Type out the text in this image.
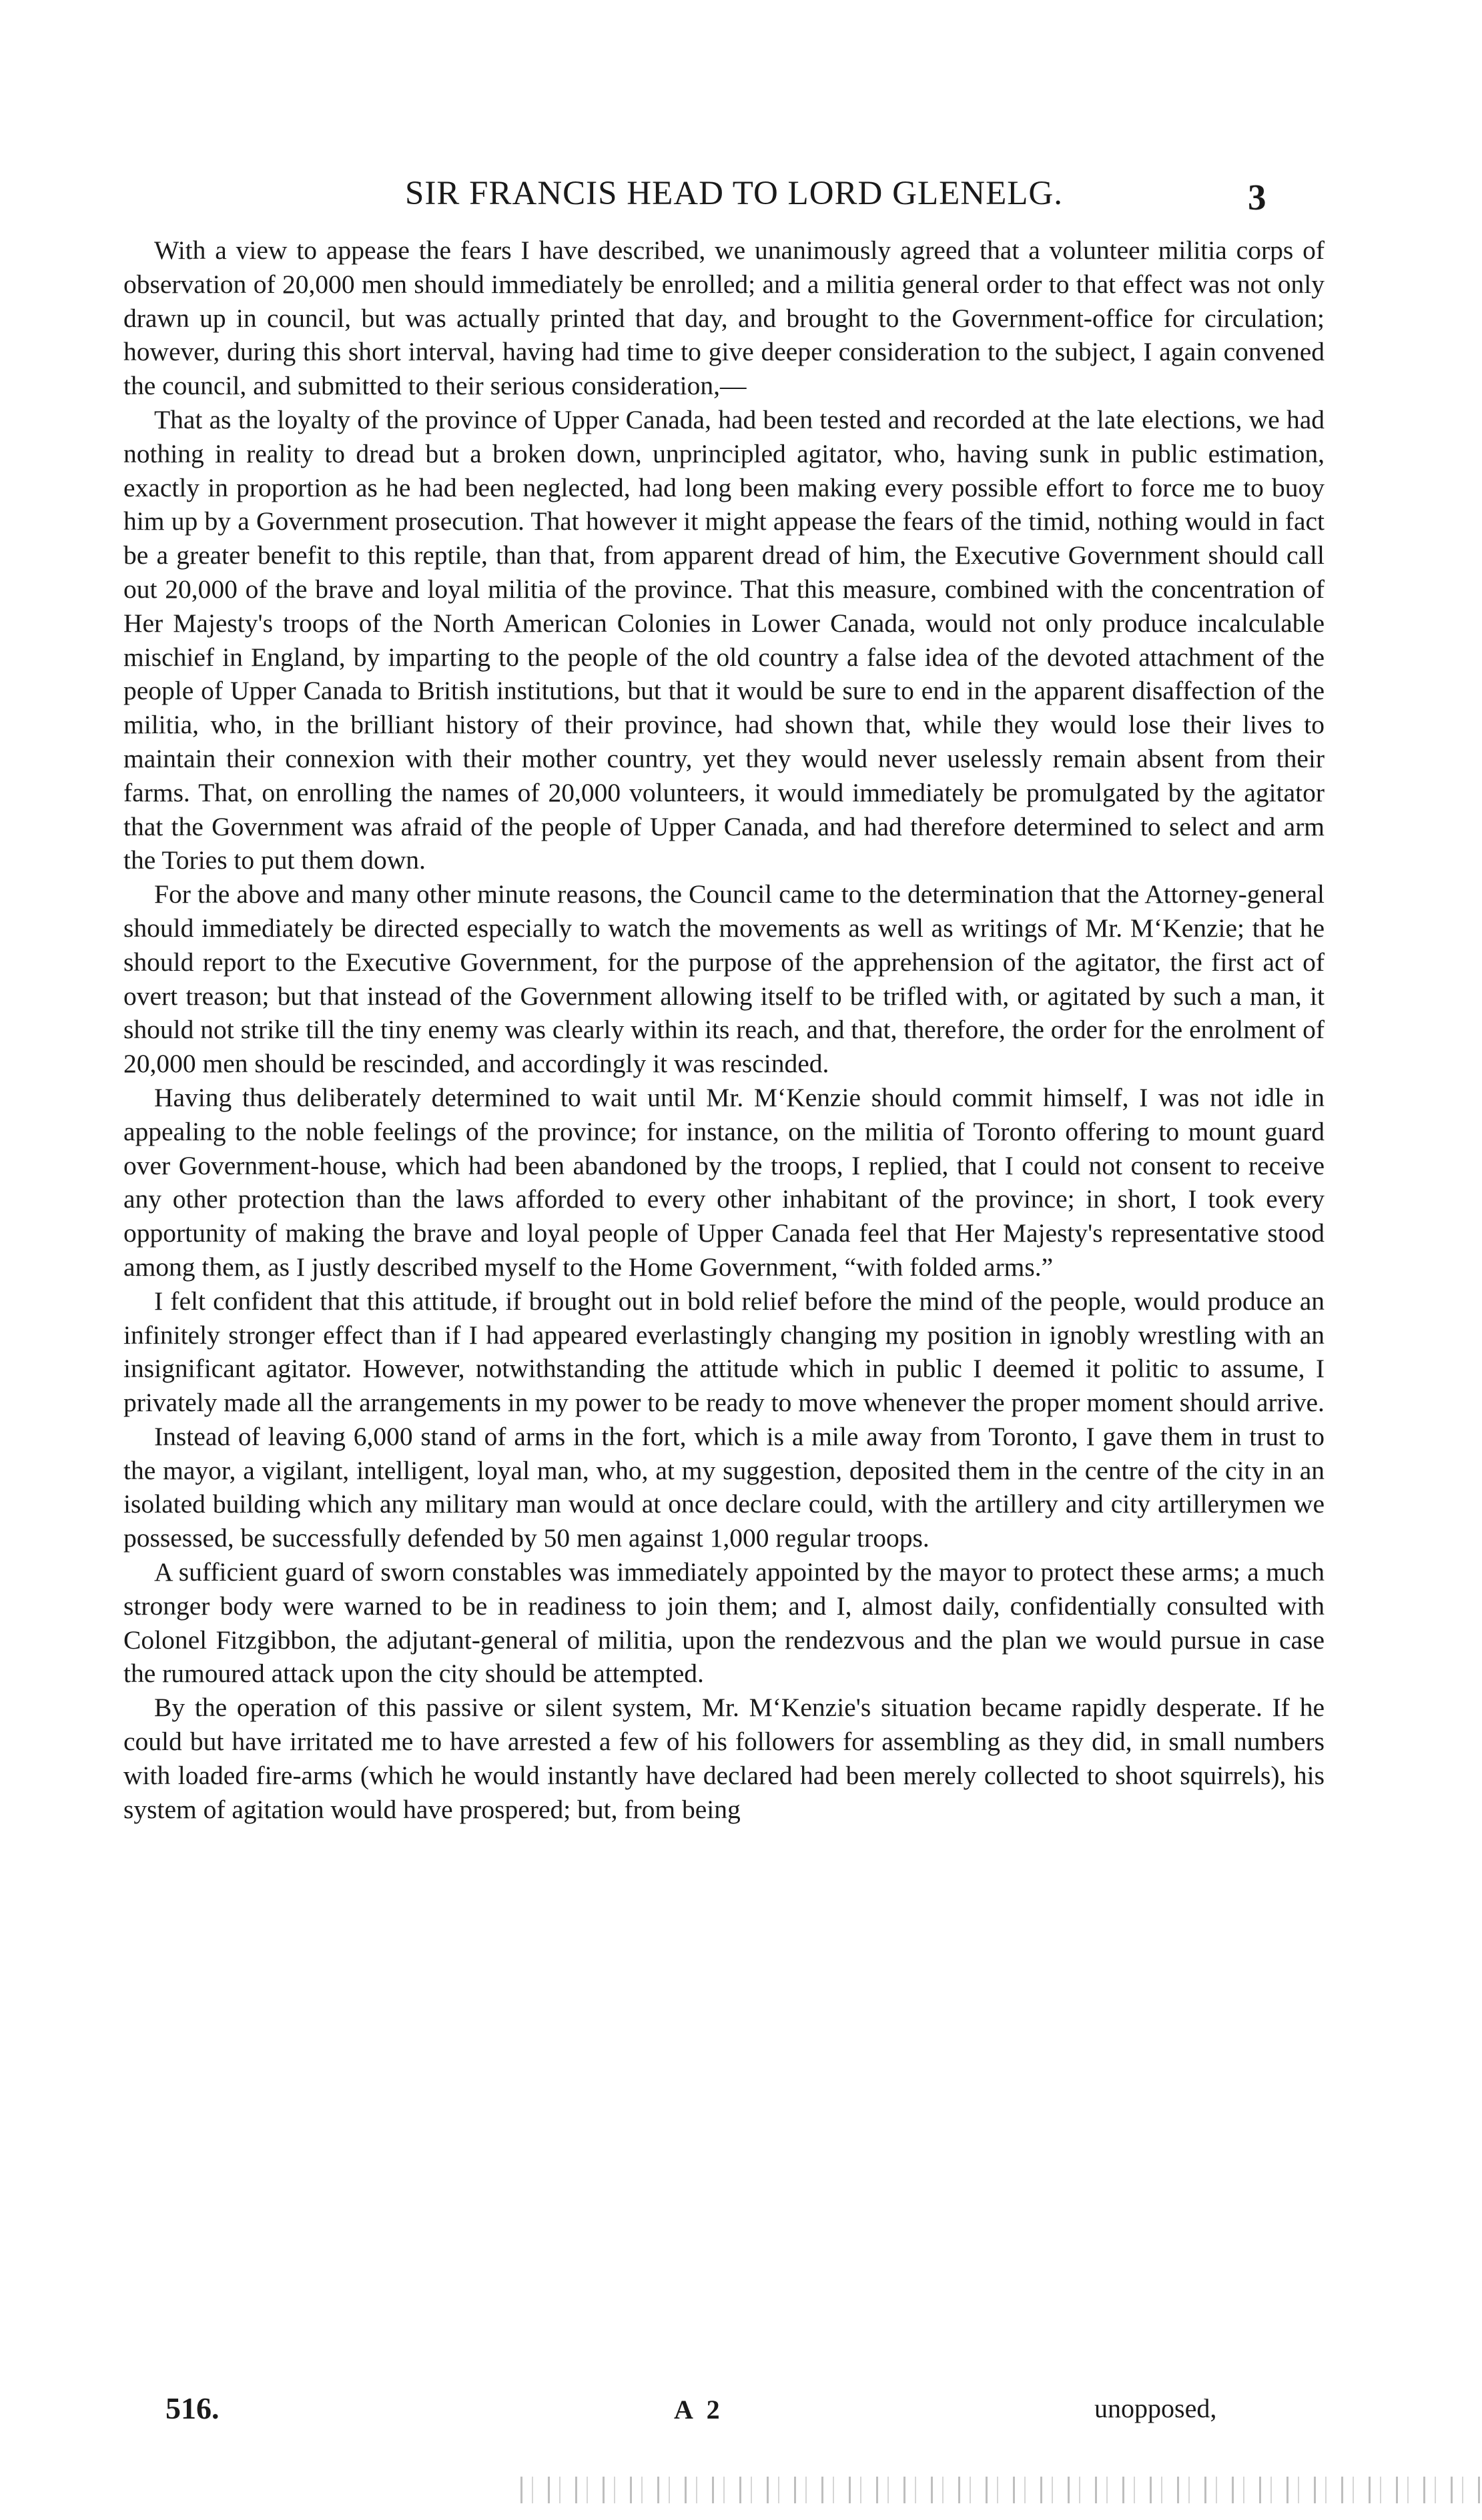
SIR FRANCIS HEAD TO LORD GLENELG.	3

With a view to appease the fears I have described, we unanimously agreed that a volunteer militia corps of observation of 20,000 men should immediately be enrolled; and a militia general order to that effect was not only drawn up in council, but was actually printed that day, and brought to the Government-office for circulation; however, during this short interval, having had time to give deeper consideration to the subject, I again convened the council, and submitted to their serious consideration,—

That as the loyalty of the province of Upper Canada, had been tested and recorded at the late elections, we had nothing in reality to dread but a broken down, unprincipled agitator, who, having sunk in public estimation, exactly in proportion as he had been neglected, had long been making every possible effort to force me to buoy him up by a Government prosecution. That however it might appease the fears of the timid, nothing would in fact be a greater benefit to this reptile, than that, from apparent dread of him, the Executive Government should call out 20,000 of the brave and loyal militia of the province. That this measure, combined with the concentration of Her Majesty's troops of the North American Colonies in Lower Canada, would not only produce incalculable mischief in England, by imparting to the people of the old country a false idea of the devoted attachment of the people of Upper Canada to British institutions, but that it would be sure to end in the apparent disaffection of the militia, who, in the brilliant history of their province, had shown that, while they would lose their lives to maintain their connexion with their mother country, yet they would never uselessly remain absent from their farms. That, on enrolling the names of 20,000 volunteers, it would immediately be promulgated by the agitator that the Government was afraid of the people of Upper Canada, and had therefore determined to select and arm the Tories to put them down.

For the above and many other minute reasons, the Council came to the determination that the Attorney-general should immediately be directed especially to watch the movements as well as writings of Mr. M‘Kenzie; that he should report to the Executive Government, for the purpose of the apprehension of the agitator, the first act of overt treason; but that instead of the Government allowing itself to be trifled with, or agitated by such a man, it should not strike till the tiny enemy was clearly within its reach, and that, therefore, the order for the enrolment of 20,000 men should be rescinded, and accordingly it was rescinded.

Having thus deliberately determined to wait until Mr. M‘Kenzie should commit himself, I was not idle in appealing to the noble feelings of the province; for instance, on the militia of Toronto offering to mount guard over Government-house, which had been abandoned by the troops, I replied, that I could not consent to receive any other protection than the laws afforded to every other inhabitant of the province; in short, I took every opportunity of making the brave and loyal people of Upper Canada feel that Her Majesty's representative stood among them, as I justly described myself to the Home Government, “with folded arms.”

I felt confident that this attitude, if brought out in bold relief before the mind of the people, would produce an infinitely stronger effect than if I had appeared everlastingly changing my position in ignobly wrestling with an insignificant agitator. However, notwithstanding the attitude which in public I deemed it politic to assume, I privately made all the arrangements in my power to be ready to move whenever the proper moment should arrive.

Instead of leaving 6,000 stand of arms in the fort, which is a mile away from Toronto, I gave them in trust to the mayor, a vigilant, intelligent, loyal man, who, at my suggestion, deposited them in the centre of the city in an isolated building which any military man would at once declare could, with the artillery and city artillerymen we possessed, be successfully defended by 50 men against 1,000 regular troops.

A sufficient guard of sworn constables was immediately appointed by the mayor to protect these arms; a much stronger body were warned to be in readiness to join them; and I, almost daily, confidentially consulted with Colonel Fitzgibbon, the adjutant-general of militia, upon the rendezvous and the plan we would pursue in case the rumoured attack upon the city should be attempted.

By the operation of this passive or silent system, Mr. M‘Kenzie's situation became rapidly desperate. If he could but have irritated me to have arrested a few of his followers for assembling as they did, in small numbers with loaded fire-arms (which he would instantly have declared had been merely collected to shoot squirrels), his system of agitation would have prospered; but, from being

516.	A 2	unopposed,
